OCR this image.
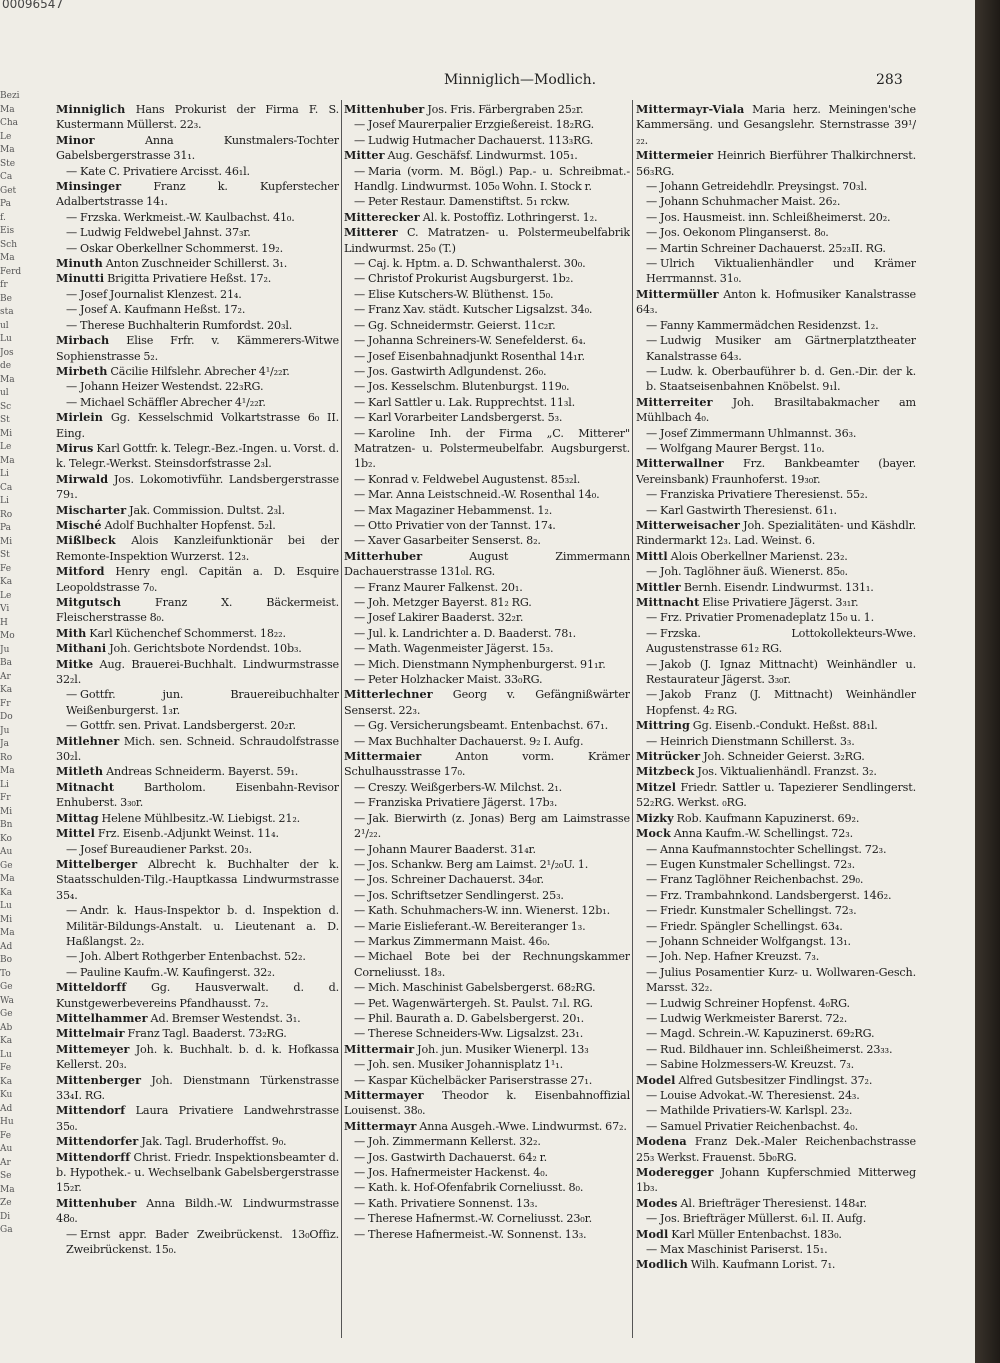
00096547
Bezi
Ma
Cha
Le
Ma
Ste
Ca
Get
Pa
f.
Eis
Sch
Ma
Ferd
fr
Be
sta
ul
Lu
Jos
de
Ma
ul
Sc
St
Mi
Le
Ma
Li
Ca
Li
Ro
Pa
Mi
St
Fe
Ka
Le
Vi
H
Mo
Ju
Ba
Ar
Ka
Fr
Do
Ju
Ja
Ro
Ma
Li
Fr
Mi
Bn
Ko
Au
Ge
Ma
Ka
Lu
Mi
Ma
Ad
Bo
To
Ge
Wa
Ge
Ab
Ka
Lu
Fe
Ka
Ku
Ad
Hu
Fe
Au
Ar
Se
Ma
Ze
Di
Ga
Minniglich—Modlich.	283
Minniglich Hans Prokurist der Firma F. S. Kustermann Müllerst. 22₃.
Minor	Anna Kunstmalers-Tochter Gabelsbergerstrasse 31₁.
— Kate C. Privatiere Arcisst. 46₁l.
Minsinger	Franz k. Kupferstecher Adalbertstrasse 14₁.
— Frzska. Werkmeist.-W. Kaulbachst. 41₀.
— Ludwig Feldwebel Jahnst. 37₃r.
— Oskar Oberkellner Schommerst. 19₂.
Minuth Anton Zuschneider Schillerst. 3₁.
Minutti Brigitta Privatiere Heßst. 17₂.
— Josef Journalist Klenzest. 21₄.
— Josef A. Kaufmann Heßst. 17₂.
— Therese Buchhalterin Rumfordst. 20₃l.
Mirbach Elise Frfr. v. Kämmerers-Witwe Sophienstrasse 5₂.
Mirbeth Cäcilie Hilfslehr. Abrecher 4¹/₂₂r.
— Johann Heizer Westendst. 22₃RG.
— Michael Schäffler Abrecher 4¹/₂₂r.
Mirlein Gg. Kesselschmid Volkartstrasse 6₀ II. Eing.
Mirus Karl Gottfr. k. Telegr.-Bez.-Ingen. u. Vorst. d. k. Telegr.-Werkst. Steinsdorfstrasse 2₃l.
Mirwald Jos. Lokomotivführ. Landsbergerstrasse 79₁.
Mischarter Jak. Commission. Dultst. 2₃l.
Misché Adolf Buchhalter Hopfenst. 5₂l.
Mißlbeck Alois Kanzleifunktionär bei der Remonte-Inspektion Wurzerst. 12₃.
Mitford Henry engl. Capitän a. D. Esquire Leopoldstrasse 7₀.
Mitgutsch	Franz X. Bäckermeist. Fleischerstrasse 8₀.
Mith Karl Küchenchef Schommerst. 18₂₂.
Mithani Joh. Gerichtsbote Nordendst. 10b₃.
Mitke Aug. Brauerei-Buchhalt. Lindwurmstrasse 32₂l.
— Gottfr. jun. Brauereibuchhalter Weißenburgerst. 1₃r.
— Gottfr. sen. Privat. Landsbergerst. 20₂r.
Mitlehner Mich. sen. Schneid. Schraudolfstrasse 30₂l.
Mitleth Andreas Schneiderm. Bayerst. 59₁.
Mitnacht	Bartholom. Eisenbahn-Revisor Enhuberst. 3₃₀r.
Mittag Helene Mühlbesitz.-W. Liebigst. 21₂.
Mittel Frz. Eisenb.-Adjunkt Weinst. 11₄.
— Josef Bureaudiener Parkst. 20₃.
Mittelberger Albrecht k. Buchhalter der k. Staatsschulden-Tilg.-Hauptkassa Lindwurmstrasse 35₄.
— Andr. k. Haus-Inspektor b. d. Inspektion d. Militär-Bildungs-Anstalt. u. Lieutenant a. D. Haßlangst. 2₂.
— Joh. Albert Rothgerber Entenbachst. 52₂.
— Pauline Kaufm.-W. Kaufingerst. 32₂.
Mitteldorff Gg. Hausverwalt. d. d. Kunstgewerbevereins Pfandhausst. 7₂.
Mittelhammer Ad. Bremser Westendst. 3₁.
Mittelmair Franz Tagl. Baaderst. 73₂RG.
Mittemeyer Joh. k. Buchhalt. b. d. k. Hofkassa Kellerst. 20₃.
Mittenberger Joh. Dienstmann Türkenstrasse 33₄I. RG.
Mittendorf Laura Privatiere Landwehrstrasse 35₀.
Mittendorfer Jak. Tagl. Bruderhoffst. 9₀.
Mittendorff Christ. Friedr. Inspektionsbeamter d. b. Hypothek.- u. Wechselbank Gabelsbergerstrasse 15₂r.
Mittenhuber Anna Bildh.-W. Lindwurmstrasse 48₀.
— Ernst appr. Bader Zweibrückenst. 13₀Offiz. Zweibrückenst. 15₀.
Mittenhuber Jos. Fris. Färbergraben 25₂r.
— Josef Maurerpalier Erzgießereist. 18₂RG.
— Ludwig Hutmacher Dachauerst. 113₃RG.
Mitter Aug. Geschäfsf. Lindwurmst. 105₁.
— Maria (vorm. M. Bögl.) Pap.- u. Schreibmat.-Handlg. Lindwurmst. 105₀ Wohn. I. Stock r.
— Peter Restaur. Damenstiftst. 5₁ rckw.
Mitterecker Al. k. Postoffiz. Lothringerst. 1₂.
Mitterer C. Matratzen- u. Polstermeubelfabrik Lindwurmst. 25₀ (T.)
— Caj. k. Hptm. a. D. Schwanthalerst. 30₀.
— Christof Prokurist Augsburgerst. 1b₂.
— Elise Kutschers-W. Blüthenst. 15₀.
— Franz Xav. städt. Kutscher Ligsalzst. 34₀.
— Gg. Schneidermstr. Geierst. 11c₂r.
— Johanna Schreiners-W. Senefelderst. 6₄.
— Josef Eisenbahnadjunkt Rosenthal 14₁r.
— Jos. Gastwirth Adlgundenst. 26₀.
— Jos. Kesselschm. Blutenburgst. 119₀.
— Karl Sattler u. Lak. Rupprechtst. 11₃l.
— Karl Vorarbeiter Landsbergerst. 5₃.
— Karoline Inh. der Firma „C. Mitterer" Matratzen- u. Polstermeubelfabr. Augsburgerst. 1b₂.
— Konrad v. Feldwebel Augustenst. 85₃₂l.
— Mar. Anna Leistschneid.-W. Rosenthal 14₀.
— Max Magaziner Hebammenst. 1₂.
— Otto Privatier von der Tannst. 17₄.
— Xaver Gasarbeiter Senserst. 8₂.
Mitterhuber	August Zimmermann Dachauerstrasse 131₀l. RG.
— Franz Maurer Falkenst. 20₁.
— Joh. Metzger Bayerst. 81₂ RG.
— Josef Lakirer Baaderst. 32₂r.
— Jul. k. Landrichter a. D. Baaderst. 78₁.
— Math. Wagenmeister Jägerst. 15₃.
— Mich. Dienstmann Nymphenburgerst. 91₁r.
— Peter Holzhacker Maist. 33₀RG.
Mitterlechner Georg v. Gefängnißwärter Senserst. 22₃.
— Gg. Versicherungsbeamt. Entenbachst. 67₁.
— Max Buchhalter Dachauerst. 9₂ I. Aufg.
Mittermaier	Anton vorm. Krämer Schulhausstrasse 17₀.
— Creszy. Weißgerbers-W. Milchst. 2₁.
— Franziska Privatiere Jägerst. 17b₃.
— Jak. Bierwirth (z. Jonas) Berg am Laimstrasse 2¹/₂₂.
— Johann Maurer Baaderst. 31₄r.
— Jos. Schankw. Berg am Laimst. 2¹/₂₀U. 1.
— Jos. Schreiner Dachauerst. 34₀r.
— Jos. Schriftsetzer Sendlingerst. 25₃.
— Kath. Schuhmachers-W. inn. Wienerst. 12b₁.
— Marie Eislieferant.-W. Bereiteranger 1₃.
— Markus Zimmermann Maist. 46₀.
— Michael Bote bei der Rechnungskammer Corneliusst. 18₃.
— Mich. Maschinist Gabelsbergerst. 68₂RG.
— Pet. Wagenwärtergeh. St. Paulst. 7₁l. RG.
— Phil. Baurath a. D. Gabelsbergerst. 20₁.
— Therese Schneiders-Ww. Ligsalzst. 23₁.
Mittermair Joh. jun. Musiker Wienerpl. 13₃
— Joh. sen. Musiker Johannisplatz 1¹₁.
— Kaspar Küchelbäcker Pariserstrasse 27₁.
Mittermayer Theodor k. Eisenbahnoffizial Louisenst. 38₀.
Mittermayr Anna Ausgeh.-Wwe. Lindwurmst. 67₂.
— Joh. Zimmermann Kellerst. 32₂.
— Jos. Gastwirth Dachauerst. 64₂ r.
— Jos. Hafnermeister Hackenst. 4₀.
— Kath. k. Hof-Ofenfabrik Corneliusst. 8₀.
— Kath. Privatiere Sonnenst. 13₃.
— Therese Hafnermst.-W. Corneliusst. 23₀r.
— Therese Hafnermeist.-W. Sonnenst. 13₃.
Mittermayr-Viala Maria herz. Meiningen'sche Kammersäng. und Gesangslehr. Sternstrasse 39¹/₂₂.
Mittermeier Heinrich Bierführer Thalkirchnerst. 56₃RG.
— Johann Getreidehdlr. Preysingst. 70₃l.
— Johann Schuhmacher Maist. 26₂.
— Jos. Hausmeist. inn. Schleißheimerst. 20₂.
— Jos. Oekonom Plinganserst. 8₀.
— Martin Schreiner Dachauerst. 25₂₃II. RG.
— Ulrich Viktualienhändler und Krämer Herrmannst. 31₀.
Mittermüller Anton k. Hofmusiker Kanalstrasse 64₃.
— Fanny Kammermädchen Residenzst. 1₂.
— Ludwig Musiker am Gärtnerplatztheater Kanalstrasse 64₃.
— Ludw. k. Oberbauführer b. d. Gen.-Dir. der k. b. Staatseisenbahnen Knöbelst. 9₁l.
Mitterreiter Joh. Brasiltabakmacher am Mühlbach 4₀.
— Josef Zimmermann Uhlmannst. 36₃.
— Wolfgang Maurer Bergst. 11₀.
Mitterwallner Frz. Bankbeamter (bayer. Vereinsbank) Fraunhoferst. 19₃₀r.
— Franziska Privatiere Theresienst. 55₂.
— Karl Gastwirth Theresienst. 61₁.
Mitterweisacher Joh. Spezialitäten- und Käshdlr. Rindermarkt 12₃. Lad. Weinst. 6.
Mittl Alois Oberkellner Marienst. 23₂.
— Joh. Taglöhner äuß. Wienerst. 85₀.
Mittler Bernh. Eisendr. Lindwurmst. 131₁.
Mittnacht Elise Privatiere Jägerst. 3₃₁r.
— Frz. Privatier Promenadeplatz 15₀ u. 1.
— Frzska. Lottokollekteurs-Wwe. Augustenstrasse 61₂ RG.
— Jakob (J. Ignaz Mittnacht) Weinhändler u. Restaurateur Jägerst. 3₃₀r.
— Jakob Franz (J. Mittnacht) Weinhändler Hopfenst. 4₂ RG.
Mittring Gg. Eisenb.-Condukt. Heßst. 88₁l.
— Heinrich Dienstmann Schillerst. 3₃.
Mitrücker Joh. Schneider Geierst. 3₂RG.
Mitzbeck Jos. Viktualienhändl. Franzst. 3₂.
Mitzel Friedr. Sattler u. Tapezierer Sendlingerst. 52₂RG. Werkst. ₀RG.
Mizky Rob. Kaufmann Kapuzinerst. 69₂.
Mock Anna Kaufm.-W. Schellingst. 72₃.
— Anna Kaufmannstochter Schellingst. 72₃.
— Eugen Kunstmaler Schellingst. 72₃.
— Franz Taglöhner Reichenbachst. 29₀.
— Frz. Trambahnkond. Landsbergerst. 146₂.
— Friedr. Kunstmaler Schellingst. 72₃.
— Friedr. Spängler Schellingst. 63₄.
— Johann Schneider Wolfgangst. 13₁.
— Joh. Nep. Hafner Kreuzst. 7₃.
— Julius Posamentier Kurz- u. Wollwaren-Gesch. Marsst. 32₂.
— Ludwig Schreiner Hopfenst. 4₀RG.
— Ludwig Werkmeister Barerst. 72₂.
— Magd. Schrein.-W. Kapuzinerst. 69₂RG.
— Rud. Bildhauer inn. Schleißheimerst. 23₃₃.
— Sabine Holzmessers-W. Kreuzst. 7₃.
Model Alfred Gutsbesitzer Findlingst. 37₂.
— Louise Advokat.-W. Theresienst. 24₃.
— Mathilde Privatiers-W. Karlspl. 23₂.
— Samuel Privatier Reichenbachst. 4₀.
Modena Franz Dek.-Maler Reichenbachstrasse 25₃ Werkst. Frauenst. 5b₀RG.
Moderegger Johann Kupferschmied Mitterweg 1b₃.
Modes Al. Briefträger Theresienst. 148₄r.
— Jos. Briefträger Müllerst. 6₁l. II. Aufg.
Modl Karl Müller Entenbachst. 183₀.
— Max Maschinist Pariserst. 15₁.
Modlich Wilh. Kaufmann Lorist. 7₁.
